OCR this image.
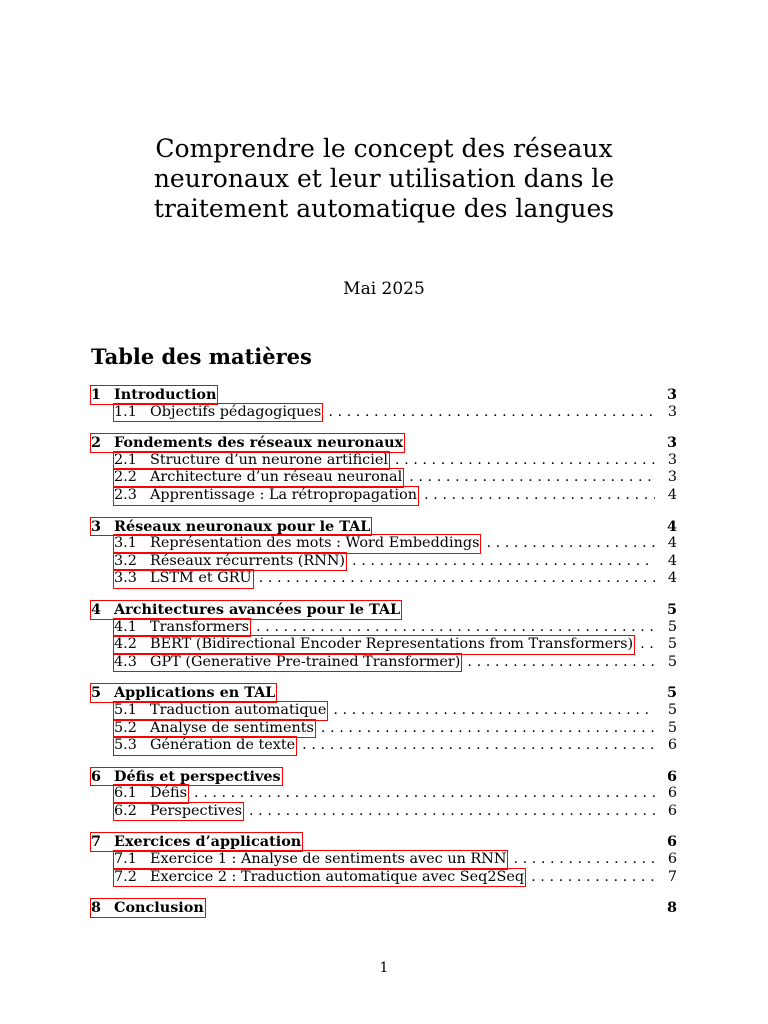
Comprendre le concept des réseaux
neuronaux et leur utilisation dans le
traitement automatique des langues
Mai 2025
Table des matières
1 Introduction	3
1.1 Objectifs pédagogiques . . .	3
2 Fondements des réseaux neuronaux	3
2.1 Structure d’un neurone artificiel . . .	3
2.2 Architecture d’un réseau neuronal . . .	3
2.3 Apprentissage : La rétropropagation . . .	4
3 Réseaux neuronaux pour le TAL	4
3.1 Représentation des mots : Word Embeddings . . .	4
3.2 Réseaux récurrents (RNN) . . .	4
3.3 LSTM et GRU . . .	4
4 Architectures avancées pour le TAL	5
4.1 Transformers . . .	5
4.2 BERT (Bidirectional Encoder Representations from Transformers) . . .	5
4.3 GPT (Generative Pre-trained Transformer) . . .	5
5 Applications en TAL	5
5.1 Traduction automatique . . .	5
5.2 Analyse de sentiments . . .	5
5.3 Génération de texte . . .	6
6 Défis et perspectives	6
6.1 Défis . . .	6
6.2 Perspectives . . .	6
7 Exercices d’application	6
7.1 Exercice 1 : Analyse de sentiments avec un RNN . . .	6
7.2 Exercice 2 : Traduction automatique avec Seq2Seq . . .	7
8 Conclusion	8
1
